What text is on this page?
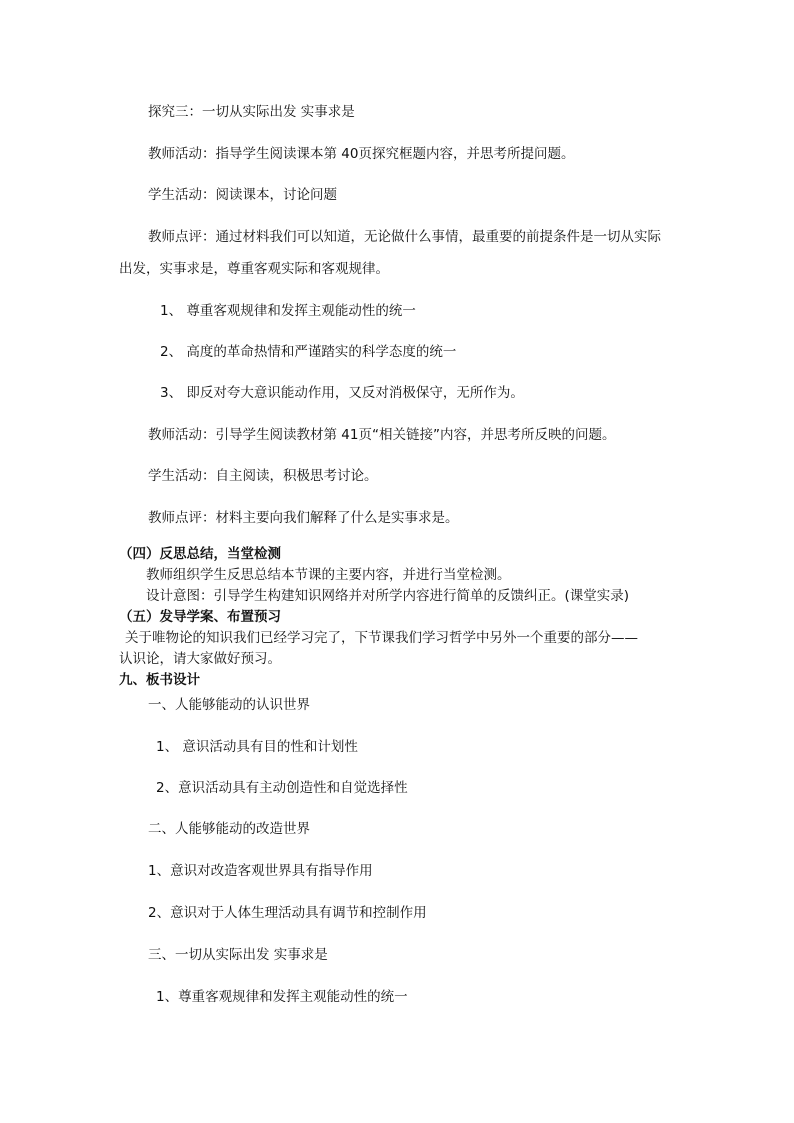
探究三：一切从实际出发 实事求是
教师活动：指导学生阅读课本第 40页探究框题内容，并思考所提问题。
学生活动：阅读课本，讨论问题
教师点评：通过材料我们可以知道，无论做什么事情，最重要的前提条件是一切从实际
出发，实事求是，尊重客观实际和客观规律。
1、 尊重客观规律和发挥主观能动性的统一
2、 高度的革命热情和严谨踏实的科学态度的统一
3、 即反对夸大意识能动作用，又反对消极保守，无所作为。
教师活动：引导学生阅读教材第 41页“相关链接”内容，并思考所反映的问题。
学生活动：自主阅读，积极思考讨论。
教师点评：材料主要向我们解释了什么是实事求是。
（四）反思总结，当堂检测
教师组织学生反思总结本节课的主要内容，并进行当堂检测。
设计意图：引导学生构建知识网络并对所学内容进行简单的反馈纠正。(课堂实录)
（五）发导学案、布置预习
关于唯物论的知识我们已经学习完了，下节课我们学习哲学中另外一个重要的部分——
认识论，请大家做好预习。
九、板书设计
一、人能够能动的认识世界
1、 意识活动具有目的性和计划性
2、意识活动具有主动创造性和自觉选择性
二、人能够能动的改造世界
1、意识对改造客观世界具有指导作用
2、意识对于人体生理活动具有调节和控制作用
三、一切从实际出发 实事求是
1、尊重客观规律和发挥主观能动性的统一
